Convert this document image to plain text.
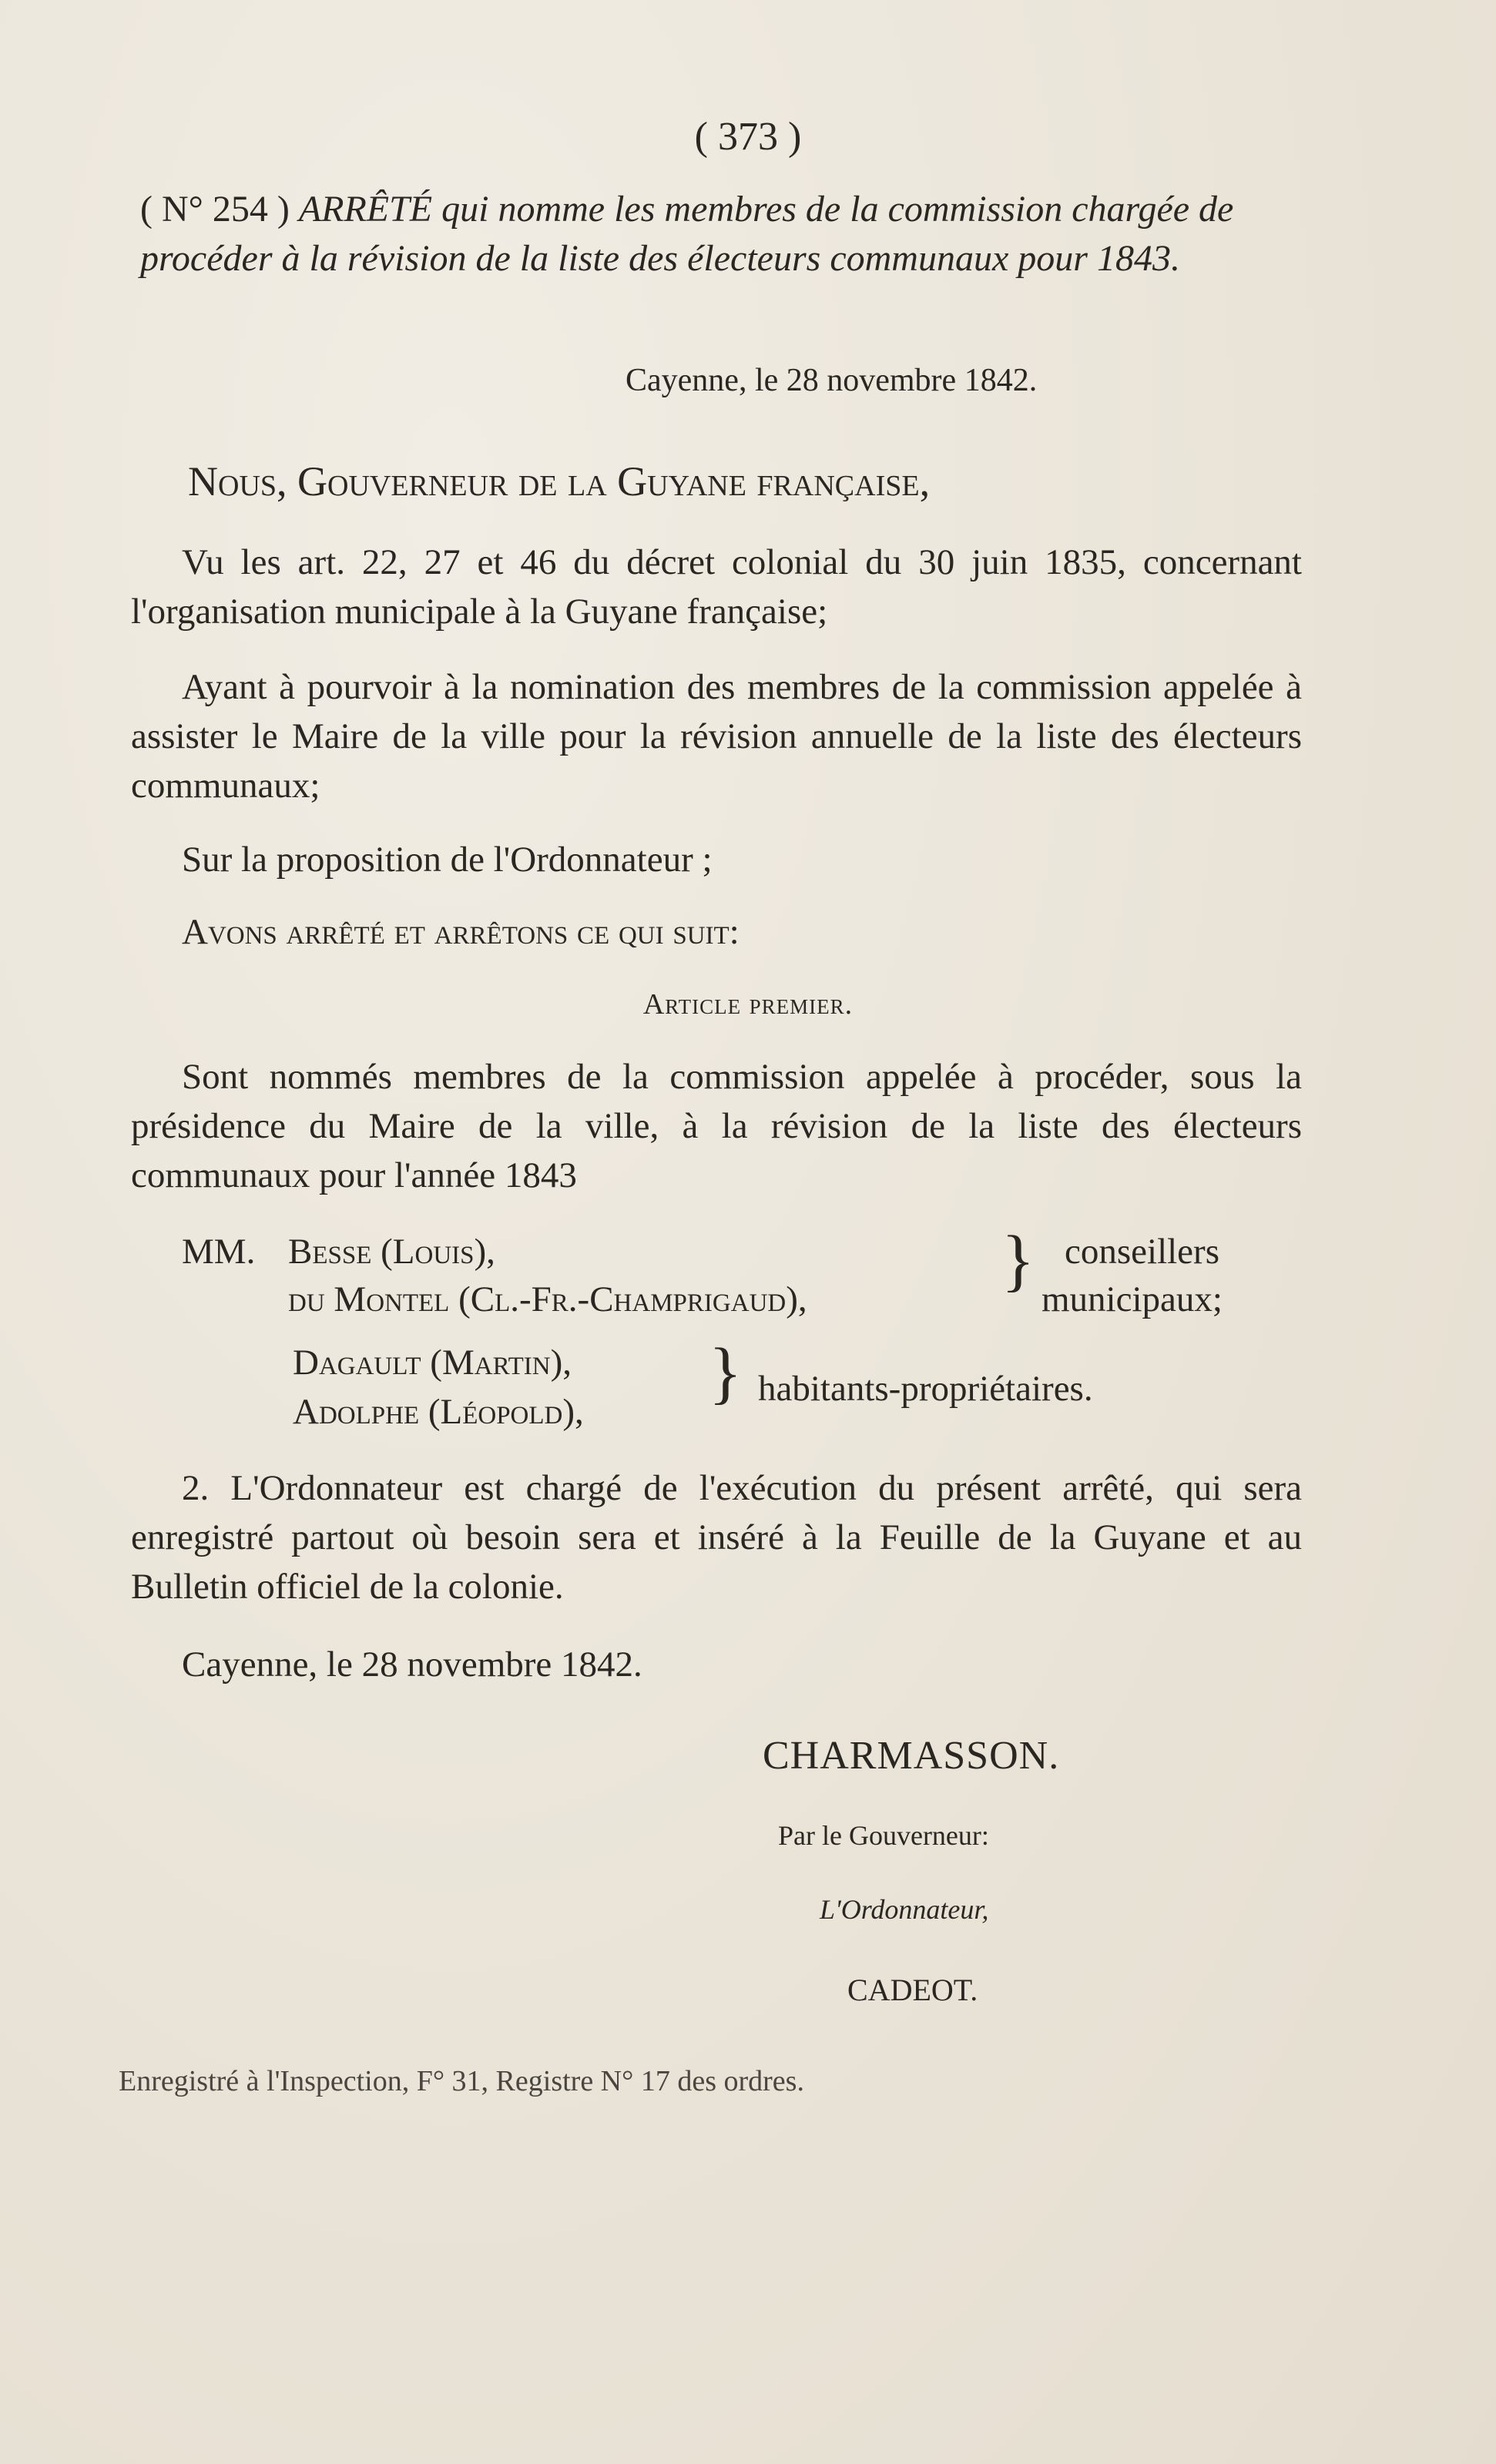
( 373 )
( N° 254 ) ARRÊTÉ qui nomme les membres de la commission chargée de procéder à la révision de la liste des électeurs communaux pour 1843.
Cayenne, le 28 novembre 1842.
Nous, Gouverneur de la Guyane française,
Vu les art. 22, 27 et 46 du décret colonial du 30 juin 1835, concernant l'organisation municipale à la Guyane française;
Ayant à pourvoir à la nomination des membres de la commission appelée à assister le Maire de la ville pour la révision annuelle de la liste des électeurs communaux;
Sur la proposition de l'Ordonnateur ;
Avons arrêté et arrêtons ce qui suit:
Article premier.
Sont nommés membres de la commission appelée à procéder, sous la présidence du Maire de la ville, à la révision de la liste des électeurs communaux pour l'année 1843
MM. Besse (Louis),
du Montel (Cl.-Fr.-Champrigaud),
} conseillers
municipaux;
Dagault (Martin),
Adolphe (Léopold),
} habitants-propriétaires.
2. L'Ordonnateur est chargé de l'exécution du présent arrêté, qui sera enregistré partout où besoin sera et inséré à la Feuille de la Guyane et au Bulletin officiel de la colonie.
Cayenne, le 28 novembre 1842.
CHARMASSON.
Par le Gouverneur:
L'Ordonnateur,
CADEOT.
Enregistré à l'Inspection, F° 31, Registre N° 17 des ordres.
